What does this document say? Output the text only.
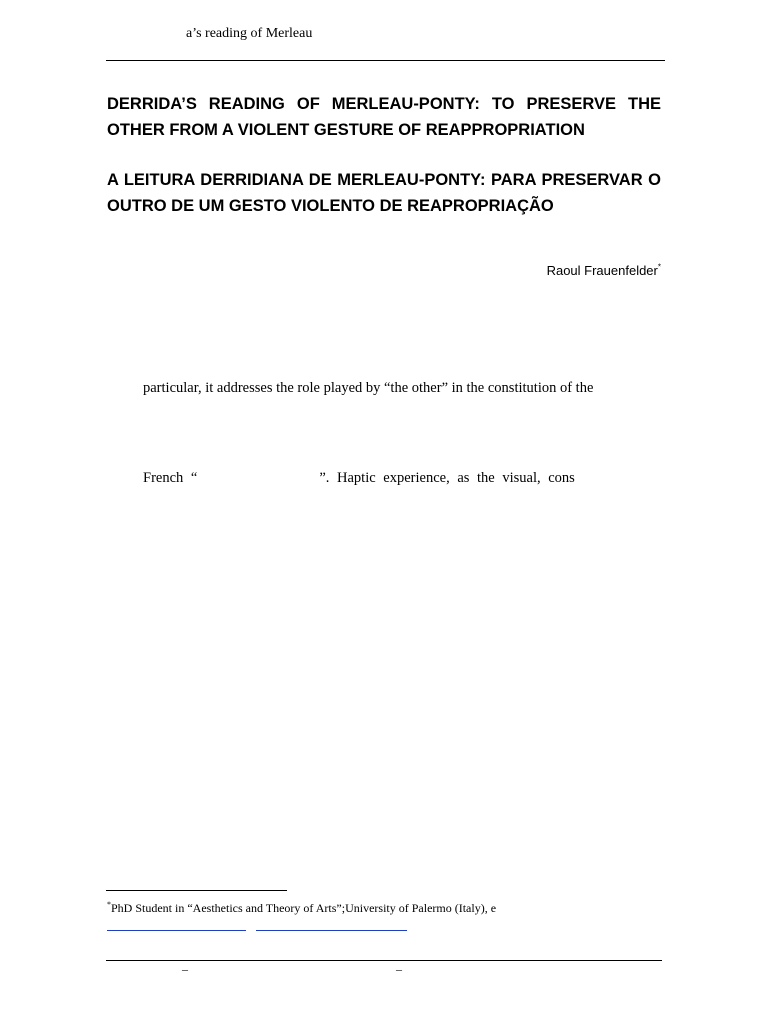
a’s reading of Merleau
DERRIDA’S READING OF MERLEAU-PONTY: TO PRESERVE THE
OTHER FROM A VIOLENT GESTURE OF REAPPROPRIATION
A LEITURA DERRIDIANA DE MERLEAU-PONTY: PARA PRESERVAR O
OUTRO DE UM GESTO VIOLENTO DE REAPROPRIAÇÃO
Raoul Frauenfelder*
particular, it addresses the role played by “the other” in the constitution of the
French “                ”. Haptic experience, as the visual, cons
*PhD Student in “Aesthetics and Theory of Arts”;University of Palermo (Italy), e
–	–
